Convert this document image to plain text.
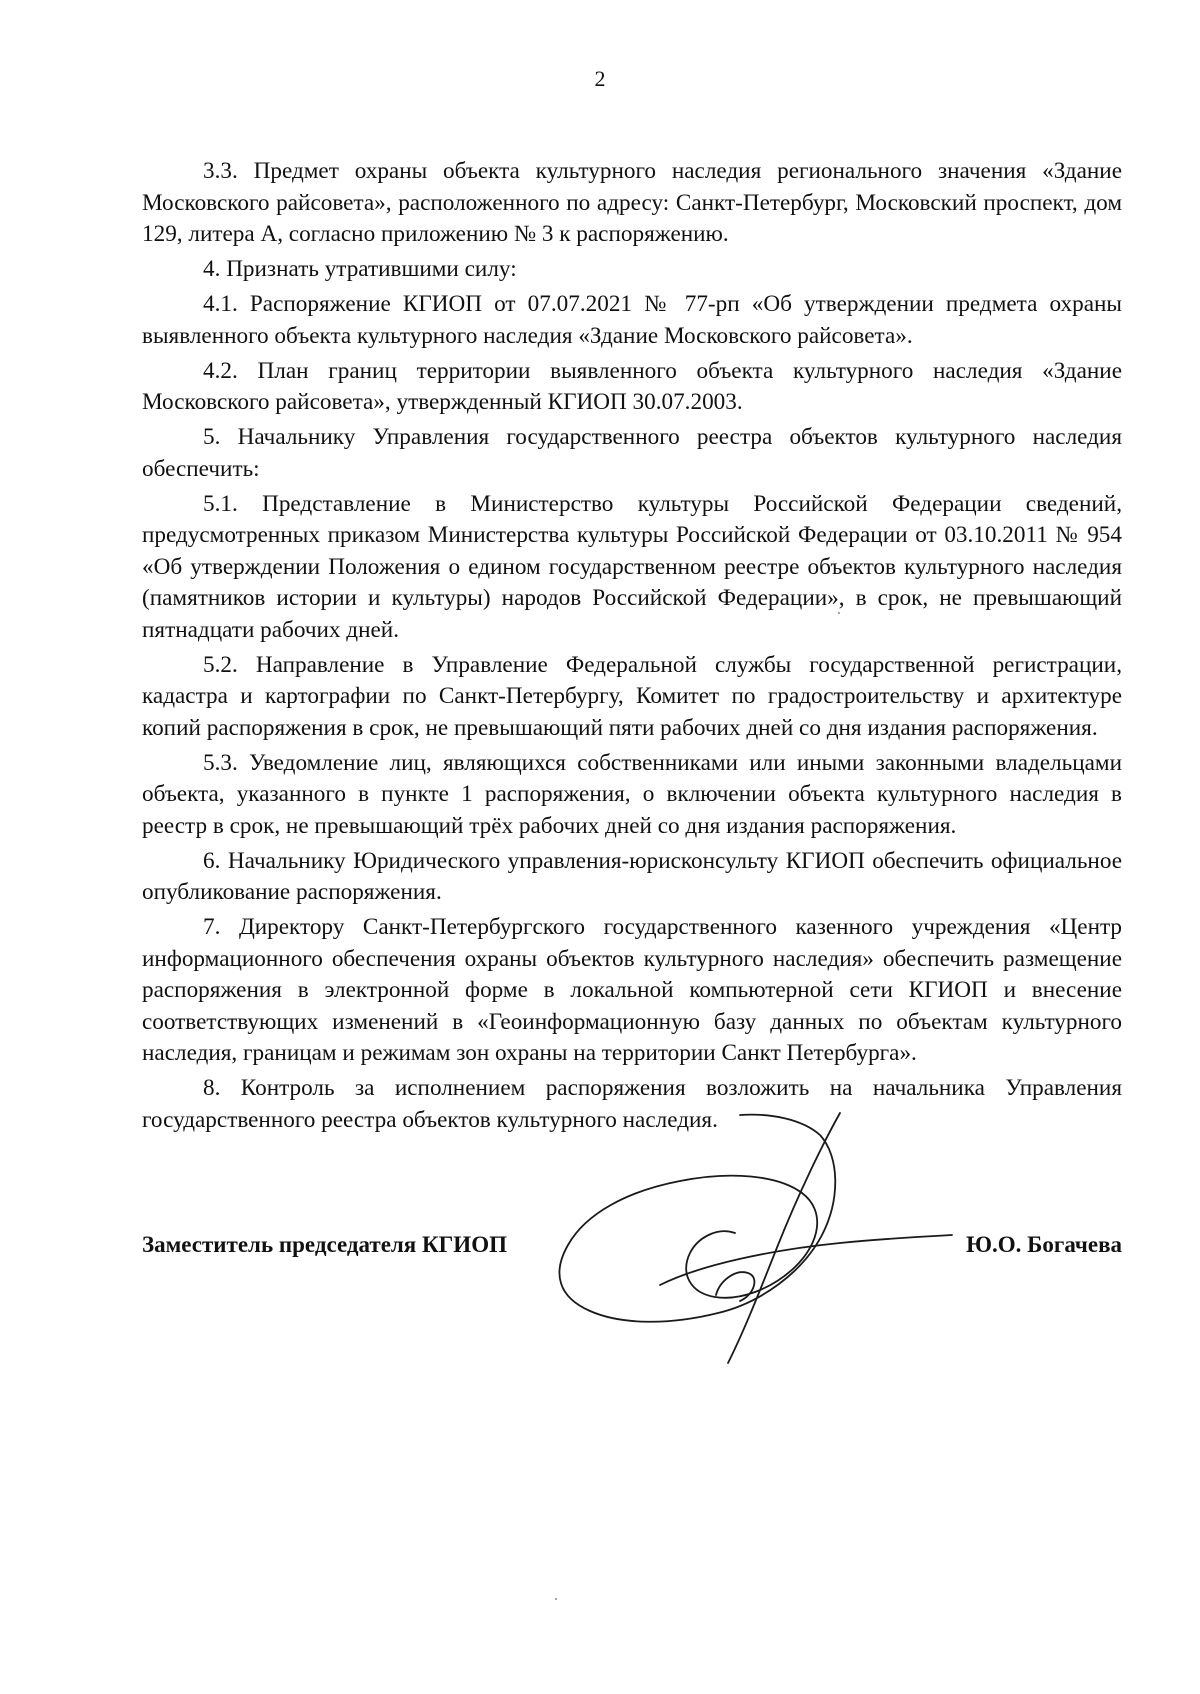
2

3.3. Предмет охраны объекта культурного наследия регионального значения «Здание Московского райсовета», расположенного по адресу: Санкт-Петербург, Московский проспект, дом 129, литера А, согласно приложению № 3 к распоряжению.

4. Признать утратившими силу:

4.1. Распоряжение КГИОП от 07.07.2021 № 77-рп «Об утверждении предмета охраны выявленного объекта культурного наследия «Здание Московского райсовета».

4.2. План границ территории выявленного объекта культурного наследия «Здание Московского райсовета», утвержденный КГИОП 30.07.2003.

5. Начальнику Управления государственного реестра объектов культурного наследия обеспечить:

5.1. Представление в Министерство культуры Российской Федерации сведений, предусмотренных приказом Министерства культуры Российской Федерации от 03.10.2011 № 954 «Об утверждении Положения о едином государственном реестре объектов культурного наследия (памятников истории и культуры) народов Российской Федерации», в срок, не превышающий пятнадцати рабочих дней.

5.2. Направление в Управление Федеральной службы государственной регистрации, кадастра и картографии по Санкт-Петербургу, Комитет по градостроительству и архитектуре копий распоряжения в срок, не превышающий пяти рабочих дней со дня издания распоряжения.

5.3. Уведомление лиц, являющихся собственниками или иными законными владельцами объекта, указанного в пункте 1 распоряжения, о включении объекта культурного наследия в реестр в срок, не превышающий трёх рабочих дней со дня издания распоряжения.

6. Начальнику Юридического управления-юрисконсульту КГИОП обеспечить официальное опубликование распоряжения.

7. Директору Санкт-Петербургского государственного казенного учреждения «Центр информационного обеспечения охраны объектов культурного наследия» обеспечить размещение распоряжения в электронной форме в локальной компьютерной сети КГИОП и внесение соответствующих изменений в «Геоинформационную базу данных по объектам культурного наследия, границам и режимам зон охраны на территории Санкт Петербурга».

8. Контроль за исполнением распоряжения возложить на начальника Управления государственного реестра объектов культурного наследия.

Заместитель председателя КГИОП	Ю.О. Богачева
